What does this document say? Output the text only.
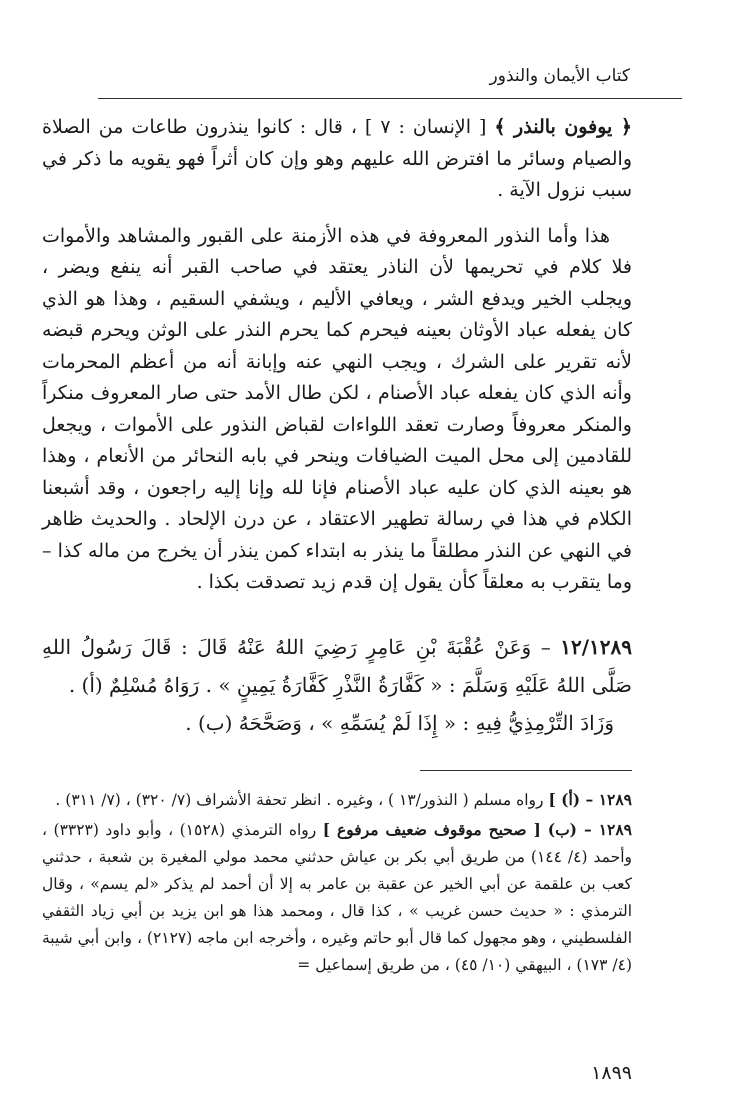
كتاب الأيمان والنذور

﴿ يوفون بالنذر ﴾ [ الإنسان : ٧ ] ، قال : كانوا ينذرون طاعات من الصلاة والصيام وسائر ما افترض الله عليهم وهو وإن كان أثراً فهو يقويه ما ذكر في سبب نزول الآية .

هذا وأما النذور المعروفة في هذه الأزمنة على القبور والمشاهد والأموات فلا كلام في تحريمها لأن الناذر يعتقد في صاحب القبر أنه ينفع ويضر ، ويجلب الخير ويدفع الشر ، ويعافي الأليم ، ويشفي السقيم ، وهذا هو الذي كان يفعله عباد الأوثان بعينه فيحرم كما يحرم النذر على الوثن ويحرم قبضه لأنه تقرير على الشرك ، ويجب النهي عنه وإبانة أنه من أعظم المحرمات وأنه الذي كان يفعله عباد الأصنام ، لكن طال الأمد حتى صار المعروف منكراً والمنكر معروفاً وصارت تعقد اللواءات لقباض النذور على الأموات ، ويجعل للقادمين إلى محل الميت الضيافات وينحر في بابه النحائر من الأنعام ، وهذا هو بعينه الذي كان عليه عباد الأصنام فإنا لله وإنا إليه راجعون ، وقد أشبعنا الكلام في هذا في رسالة تطهير الاعتقاد ، عن درن الإلحاد . والحديث ظاهر في النهي عن النذر مطلقاً ما ينذر به ابتداء كمن ينذر أن يخرج من ماله كذا – وما يتقرب به معلقاً كأن يقول إن قدم زيد تصدقت بكذا .

١٢/١٢٨٩ – وَعَنْ عُقْبَةَ بْنِ عَامِرٍ رَضِيَ اللهُ عَنْهُ قَالَ : قَالَ رَسُولُ اللهِ صَلَّى اللهُ عَلَيْهِ وَسَلَّمَ : « كَفَّارَةُ النَّذْرِ كَفَّارَةُ يَمِينٍ » . رَوَاهُ مُسْلِمٌ (أ) .

وَزَادَ التِّرْمِذِيُّ فِيهِ : « إِذَا لَمْ يُسَمِّهِ » ، وَصَحَّحَهُ (ب) .

١٢٨٩ – (أ) ] رواه مسلم ( النذور/١٣ ) ، وغيره . انظر تحفة الأشراف (٧/ ٣٢٠) ، (٧/ ٣١١) .

١٢٨٩ – (ب) [ صحيح موقوف ضعيف مرفوع ] رواه الترمذي (١٥٢٨) ، وأبو داود (٣٣٢٣) ، وأحمد (٤/ ١٤٤) من طريق أبي بكر بن عياش حدثني محمد مولي المغيرة بن شعبة ، حدثني كعب بن علقمة عن أبي الخير عن عقبة بن عامر به إلا أن أحمد لم يذكر «لم يسم» ، وقال الترمذي : « حديث حسن غريب » ، كذا قال ، ومحمد هذا هو ابن يزيد بن أبي زياد الثقفي الفلسطيني ، وهو مجهول كما قال أبو حاتم وغيره ، وأخرجه ابن ماجه (٢١٢٧) ، وابن أبي شيبة (٤/ ١٧٣) ، البيهقي (١٠/ ٤٥) ، من طريق إسماعيل =

١٨٩٩
